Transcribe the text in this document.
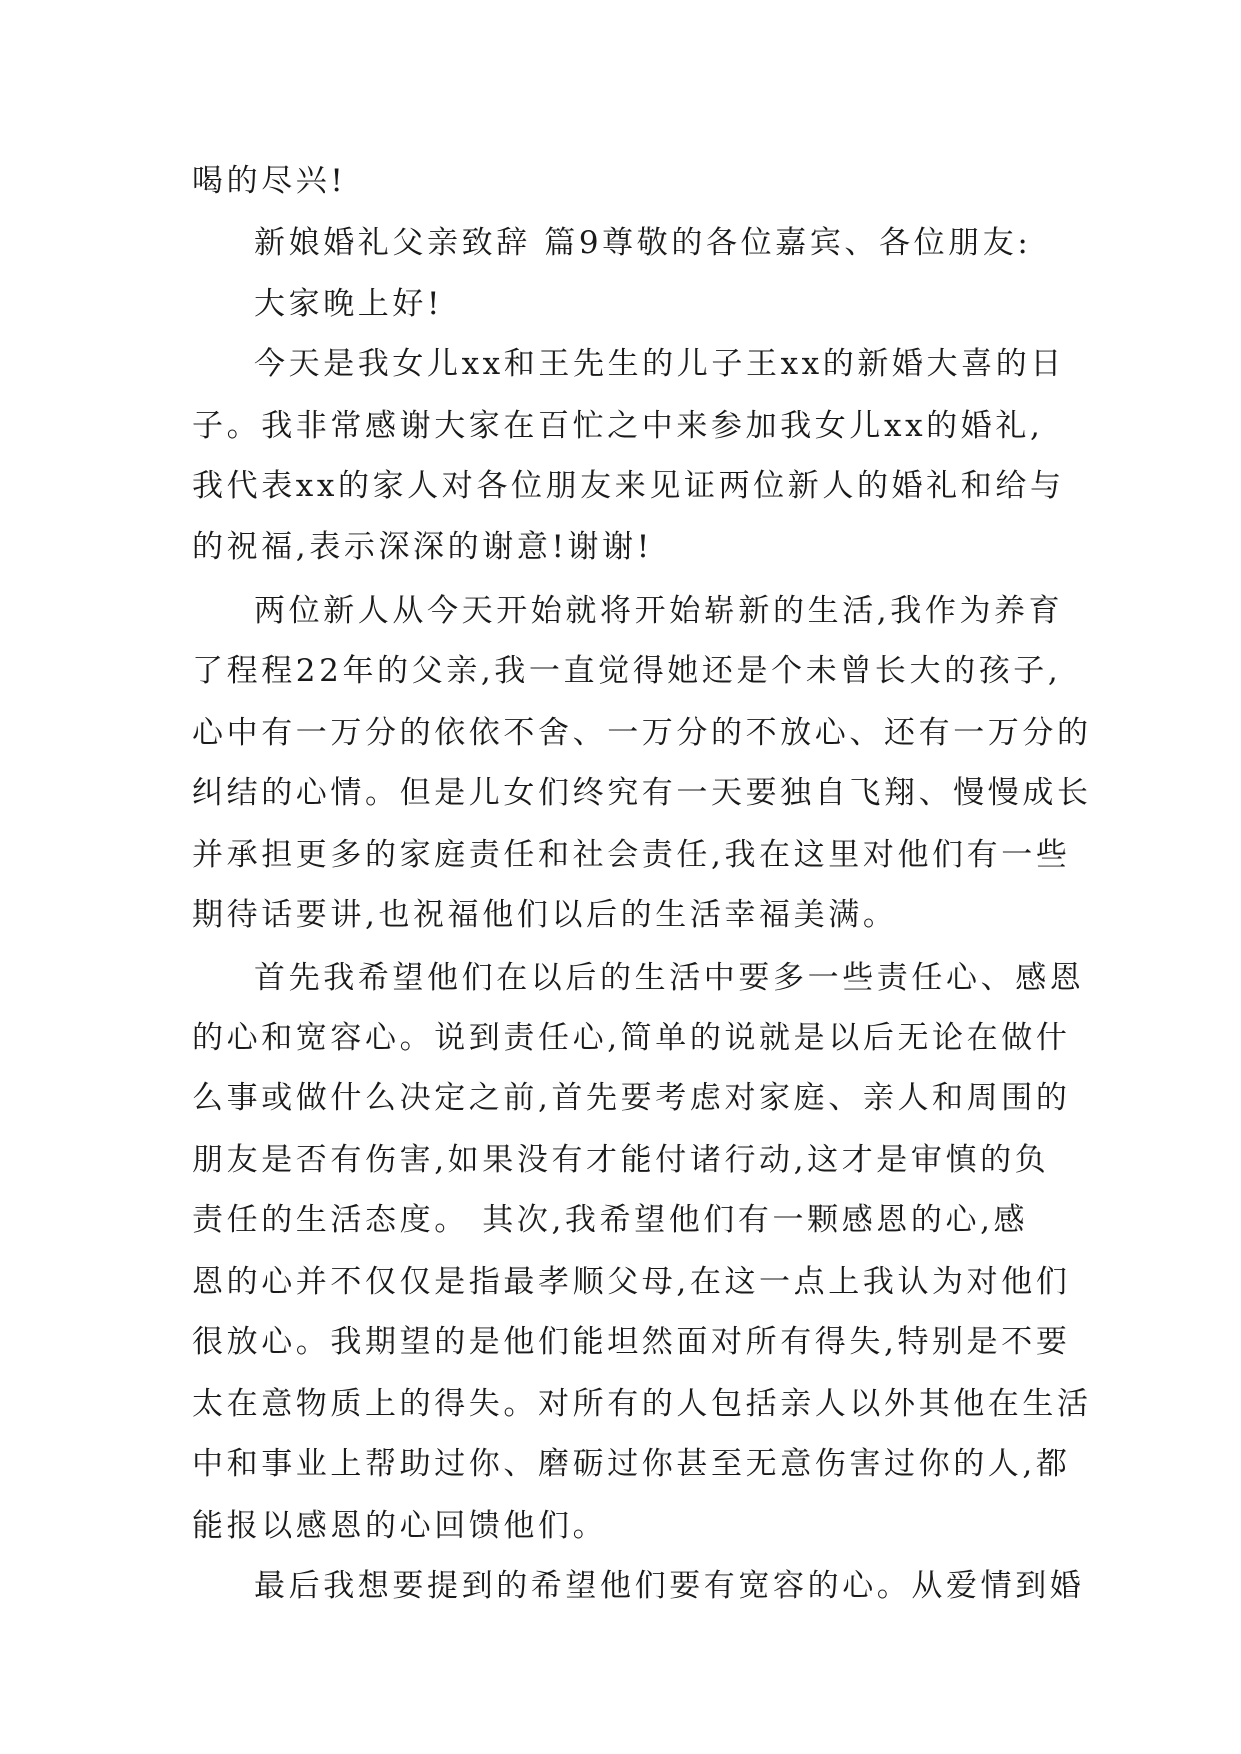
喝的尽兴!
新娘婚礼父亲致辞 篇9尊敬的各位嘉宾、各位朋友:
大家晚上好!
今天是我女儿xx和王先生的儿子王xx的新婚大喜的日
子。我非常感谢大家在百忙之中来参加我女儿xx的婚礼,
我代表xx的家人对各位朋友来见证两位新人的婚礼和给与
的祝福,表示深深的谢意!谢谢!
两位新人从今天开始就将开始崭新的生活,我作为养育
了程程22年的父亲,我一直觉得她还是个未曾长大的孩子,
心中有一万分的依依不舍、一万分的不放心、还有一万分的
纠结的心情。但是儿女们终究有一天要独自飞翔、慢慢成长
并承担更多的家庭责任和社会责任,我在这里对他们有一些
期待话要讲,也祝福他们以后的生活幸福美满。
首先我希望他们在以后的生活中要多一些责任心、感恩
的心和宽容心。说到责任心,简单的说就是以后无论在做什
么事或做什么决定之前,首先要考虑对家庭、亲人和周围的
朋友是否有伤害,如果没有才能付诸行动,这才是审慎的负
责任的生活态度。 其次,我希望他们有一颗感恩的心,感
恩的心并不仅仅是指最孝顺父母,在这一点上我认为对他们
很放心。我期望的是他们能坦然面对所有得失,特别是不要
太在意物质上的得失。对所有的人包括亲人以外其他在生活
中和事业上帮助过你、磨砺过你甚至无意伤害过你的人,都
能报以感恩的心回馈他们。
最后我想要提到的希望他们要有宽容的心。从爱情到婚
